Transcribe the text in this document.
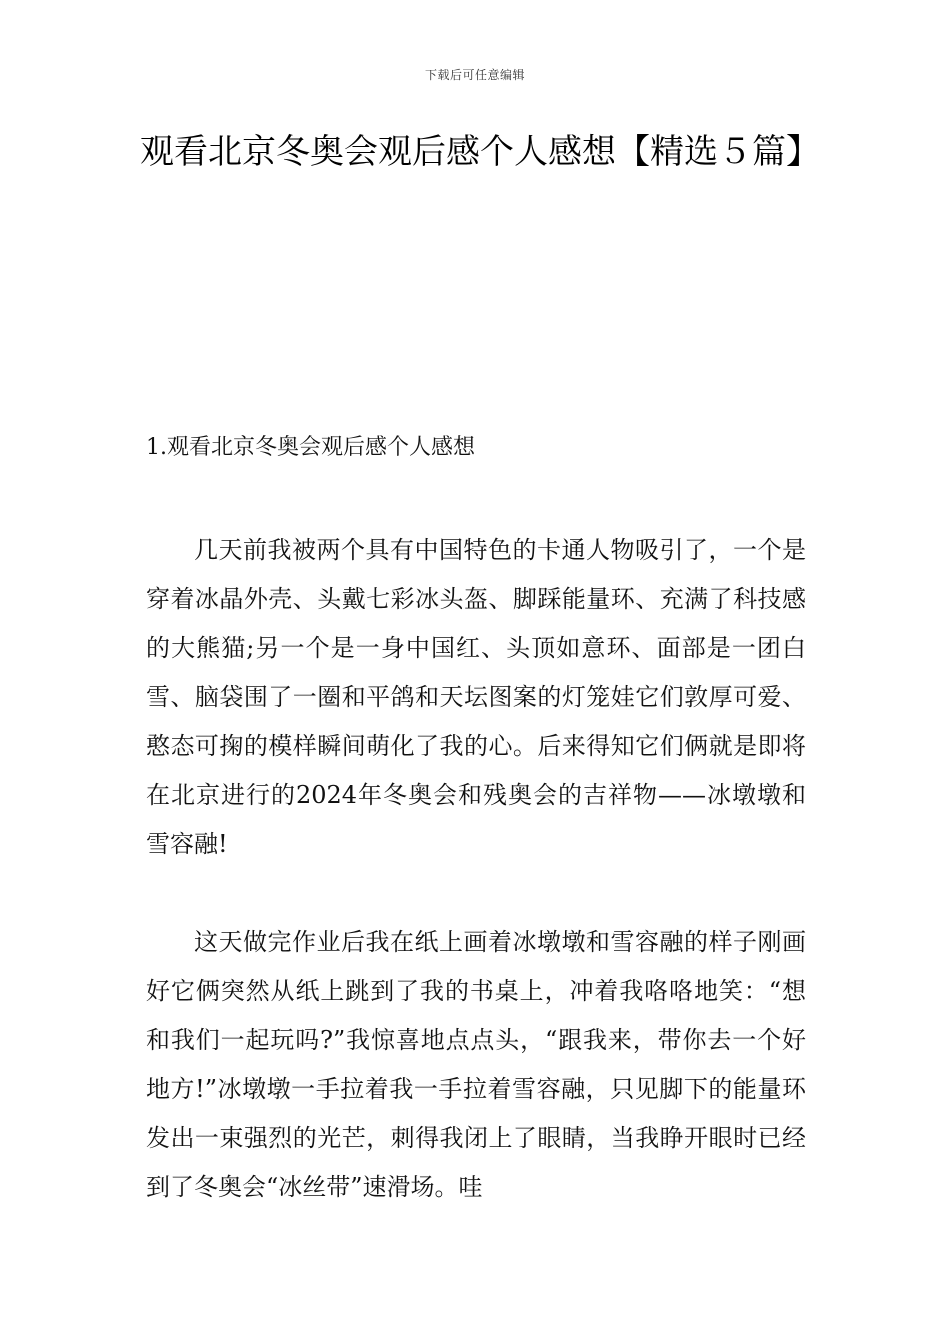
下载后可任意编辑
观看北京冬奥会观后感个人感想【精选５篇】
1.观看北京冬奥会观后感个人感想

几天前我被两个具有中国特色的卡通人物吸引了，一个是穿着冰晶外壳、头戴七彩冰头盔、脚踩能量环、充满了科技感的大熊猫;另一个是一身中国红、头顶如意环、面部是一团白雪、脑袋围了一圈和平鸽和天坛图案的灯笼娃它们敦厚可爱、憨态可掬的模样瞬间萌化了我的心。后来得知它们俩就是即将在北京进行的2024年冬奥会和残奥会的吉祥物——冰墩墩和雪容融!

这天做完作业后我在纸上画着冰墩墩和雪容融的样子刚画好它俩突然从纸上跳到了我的书桌上，冲着我咯咯地笑：“想和我们一起玩吗?”我惊喜地点点头，“跟我来，带你去一个好地方!”冰墩墩一手拉着我一手拉着雪容融，只见脚下的能量环发出一束强烈的光芒，刺得我闭上了眼睛，当我睁开眼时已经到了冬奥会“冰丝带”速滑场。哇
